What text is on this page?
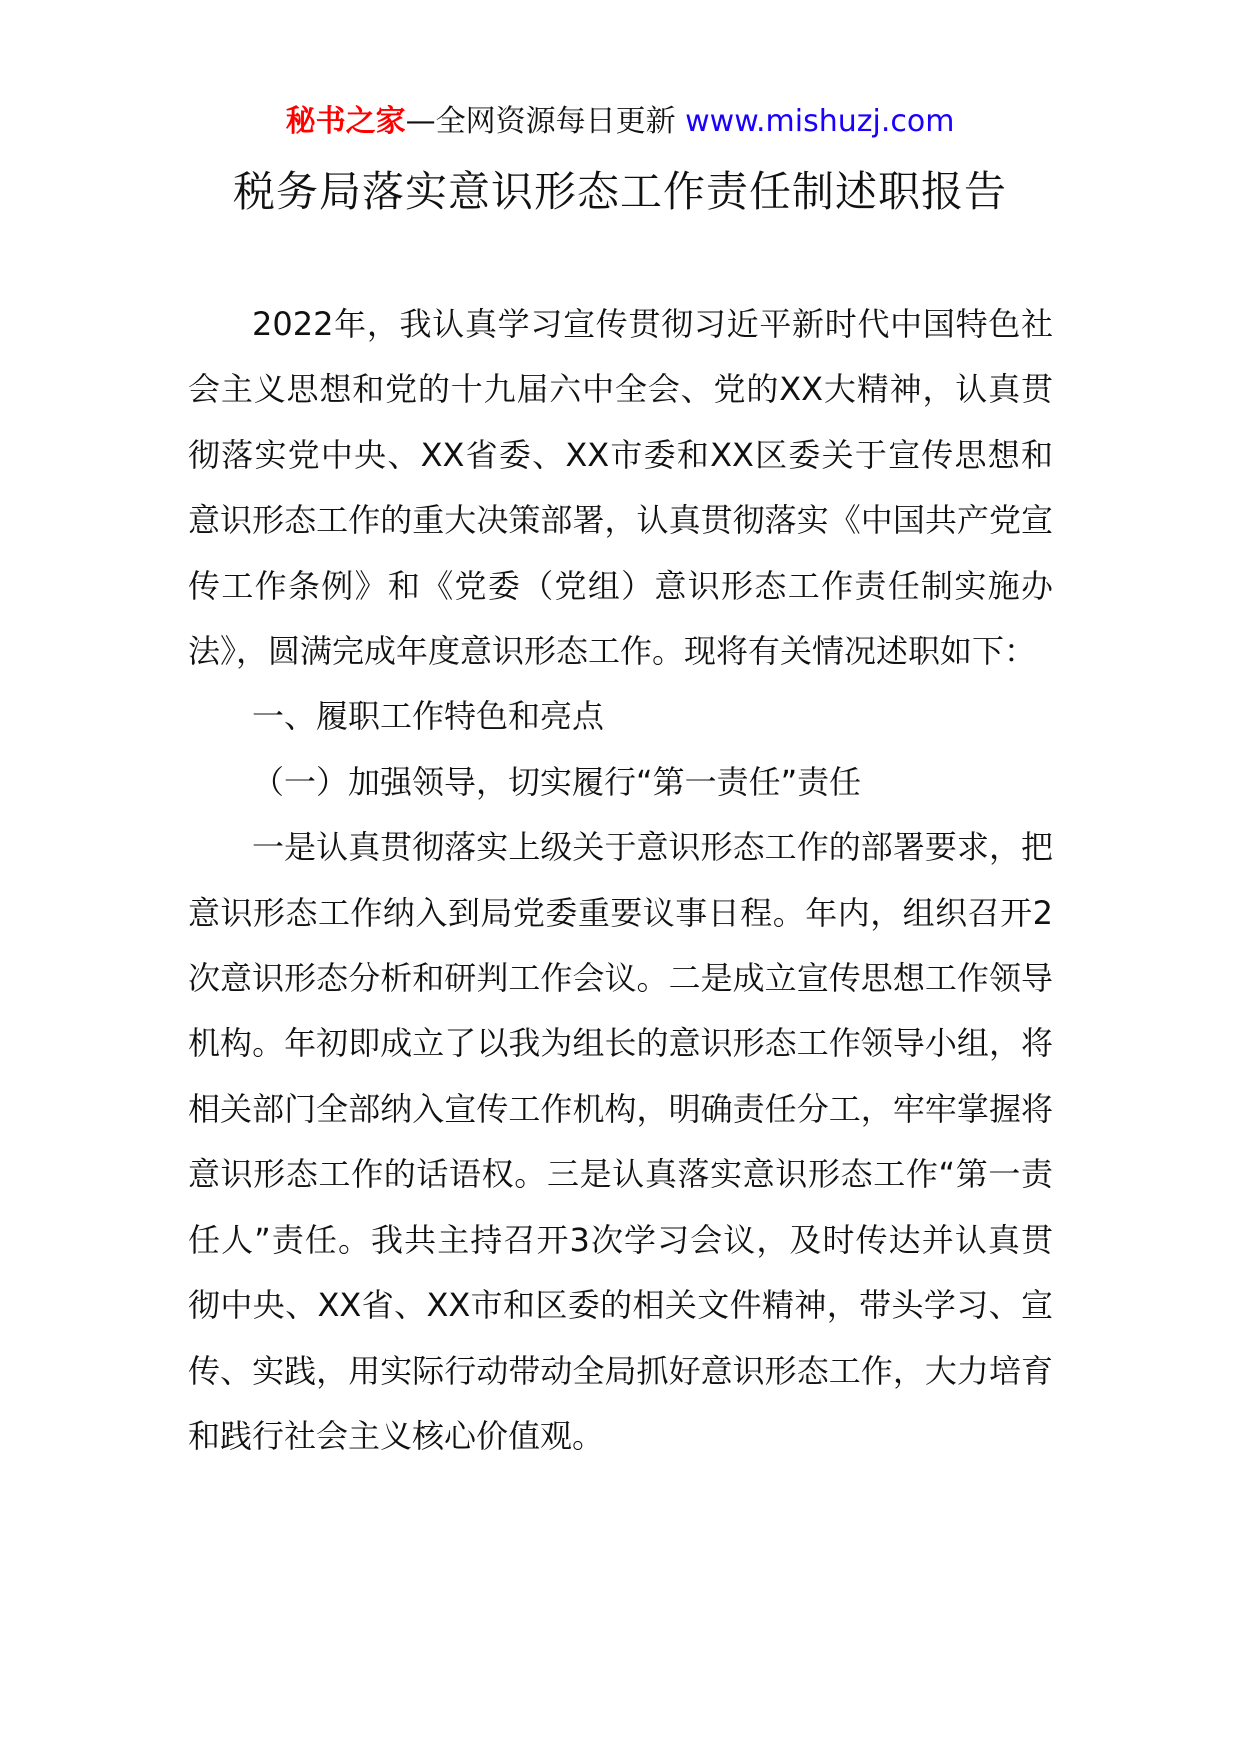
秘书之家—全网资源每日更新 www.mishuzj.com
税务局落实意识形态工作责任制述职报告

2022年，我认真学习宣传贯彻习近平新时代中国特色社会主义思想和党的十九届六中全会、党的XX大精神，认真贯彻落实党中央、XX省委、XX市委和XX区委关于宣传思想和意识形态工作的重大决策部署，认真贯彻落实《中国共产党宣传工作条例》和《党委（党组）意识形态工作责任制实施办法》，圆满完成年度意识形态工作。现将有关情况述职如下：

一、履职工作特色和亮点

（一）加强领导，切实履行“第一责任”责任

一是认真贯彻落实上级关于意识形态工作的部署要求，把意识形态工作纳入到局党委重要议事日程。年内，组织召开2次意识形态分析和研判工作会议。二是成立宣传思想工作领导机构。年初即成立了以我为组长的意识形态工作领导小组，将相关部门全部纳入宣传工作机构，明确责任分工，牢牢掌握将意识形态工作的话语权。三是认真落实意识形态工作“第一责任人”责任。我共主持召开3次学习会议，及时传达并认真贯彻中央、XX省、XX市和区委的相关文件精神，带头学习、宣传、实践，用实际行动带动全局抓好意识形态工作，大力培育和践行社会主义核心价值观。
